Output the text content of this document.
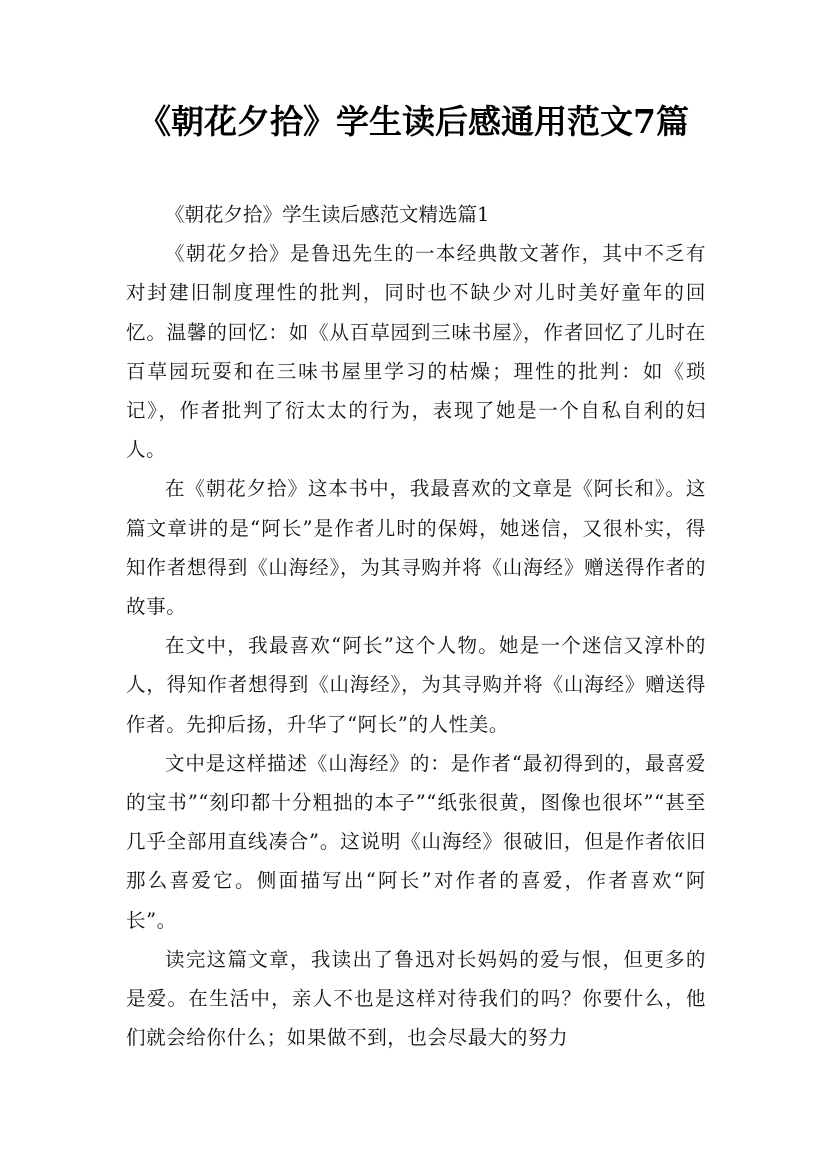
《朝花夕拾》学生读后感通用范文7篇

《朝花夕拾》学生读后感范文精选篇1

《朝花夕拾》是鲁迅先生的一本经典散文著作，其中不乏有对封建旧制度理性的批判，同时也不缺少对儿时美好童年的回忆。温馨的回忆：如《从百草园到三味书屋》，作者回忆了儿时在百草园玩耍和在三味书屋里学习的枯燥；理性的批判：如《琐记》，作者批判了衍太太的行为，表现了她是一个自私自利的妇人。

在《朝花夕拾》这本书中，我最喜欢的文章是《阿长和》。这篇文章讲的是“阿长”是作者儿时的保姆，她迷信，又很朴实，得知作者想得到《山海经》，为其寻购并将《山海经》赠送得作者的故事。

在文中，我最喜欢“阿长”这个人物。她是一个迷信又淳朴的人，得知作者想得到《山海经》，为其寻购并将《山海经》赠送得作者。先抑后扬，升华了“阿长”的人性美。

文中是这样描述《山海经》的：是作者“最初得到的，最喜爱的宝书”“刻印都十分粗拙的本子”“纸张很黄，图像也很坏”“甚至几乎全部用直线凑合”。这说明《山海经》很破旧，但是作者依旧那么喜爱它。侧面描写出“阿长”对作者的喜爱，作者喜欢“阿长”。

读完这篇文章，我读出了鲁迅对长妈妈的爱与恨，但更多的是爱。在生活中，亲人不也是这样对待我们的吗？你要什么，他们就会给你什么；如果做不到，也会尽最大的努力
